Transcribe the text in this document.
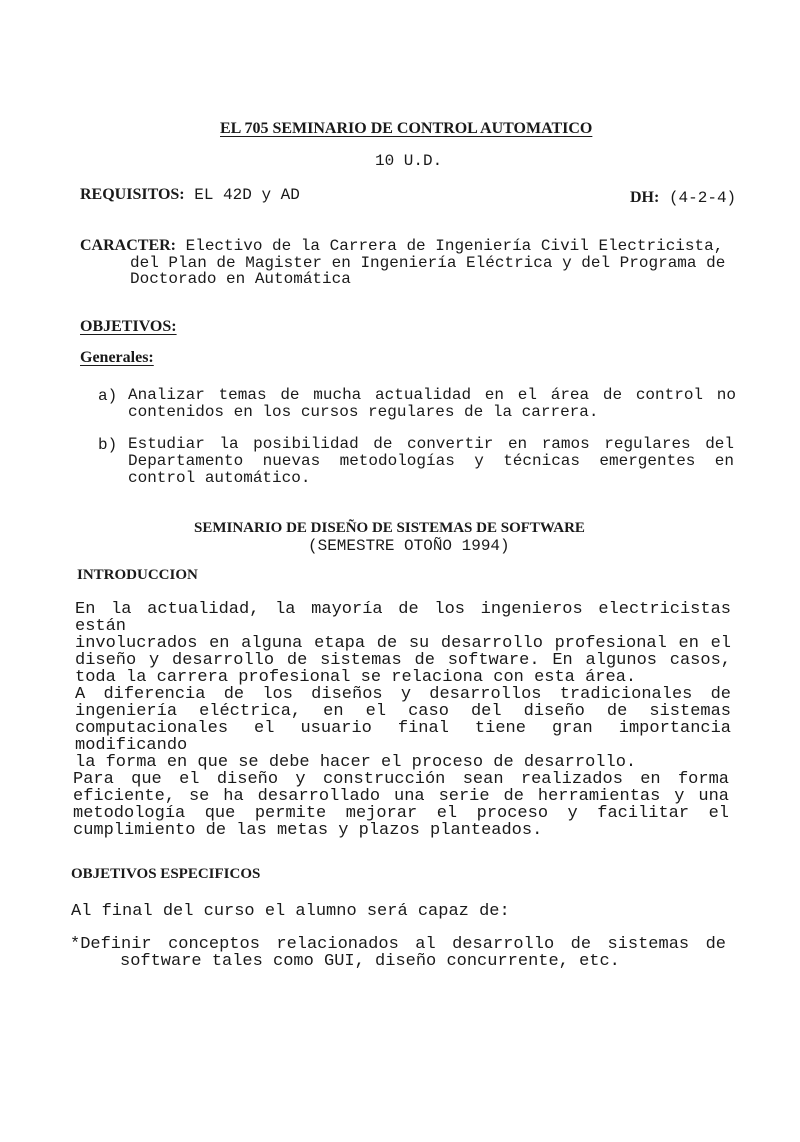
EL 705 SEMINARIO DE CONTROL AUTOMATICO
10 U.D.
REQUISITOS: EL 42D y AD	DH: (4-2-4)
CARACTER: Electivo de la Carrera de Ingeniería Civil Electricista,
del Plan de Magister en Ingeniería Eléctrica y del Programa de
Doctorado en Automática
OBJETIVOS:
Generales:
a) Analizar temas de mucha actualidad en el área de control no
contenidos en los cursos regulares de la carrera.
b) Estudiar la posibilidad de convertir en ramos regulares del
Departamento nuevas metodologías y técnicas emergentes en
control automático.
SEMINARIO DE DISEÑO DE SISTEMAS DE SOFTWARE
(SEMESTRE OTOÑO 1994)
INTRODUCCION
En la actualidad, la mayoría de los ingenieros electricistas están
involucrados en alguna etapa de su desarrollo profesional en el
diseño y desarrollo de sistemas de software. En algunos casos,
toda la carrera profesional se relaciona con esta área.
A diferencia de los diseños y desarrollos tradicionales de
ingeniería eléctrica, en el caso del diseño de sistemas
computacionales el usuario final tiene gran importancia modificando
la forma en que se debe hacer el proceso de desarrollo.
Para que el diseño y construcción sean realizados en forma
eficiente, se ha desarrollado una serie de herramientas y una
metodología que permite mejorar el proceso y facilitar el
cumplimiento de las metas y plazos planteados.
OBJETIVOS ESPECIFICOS
Al final del curso el alumno será capaz de:
*Definir conceptos relacionados al desarrollo de sistemas de
software tales como GUI, diseño concurrente, etc.
